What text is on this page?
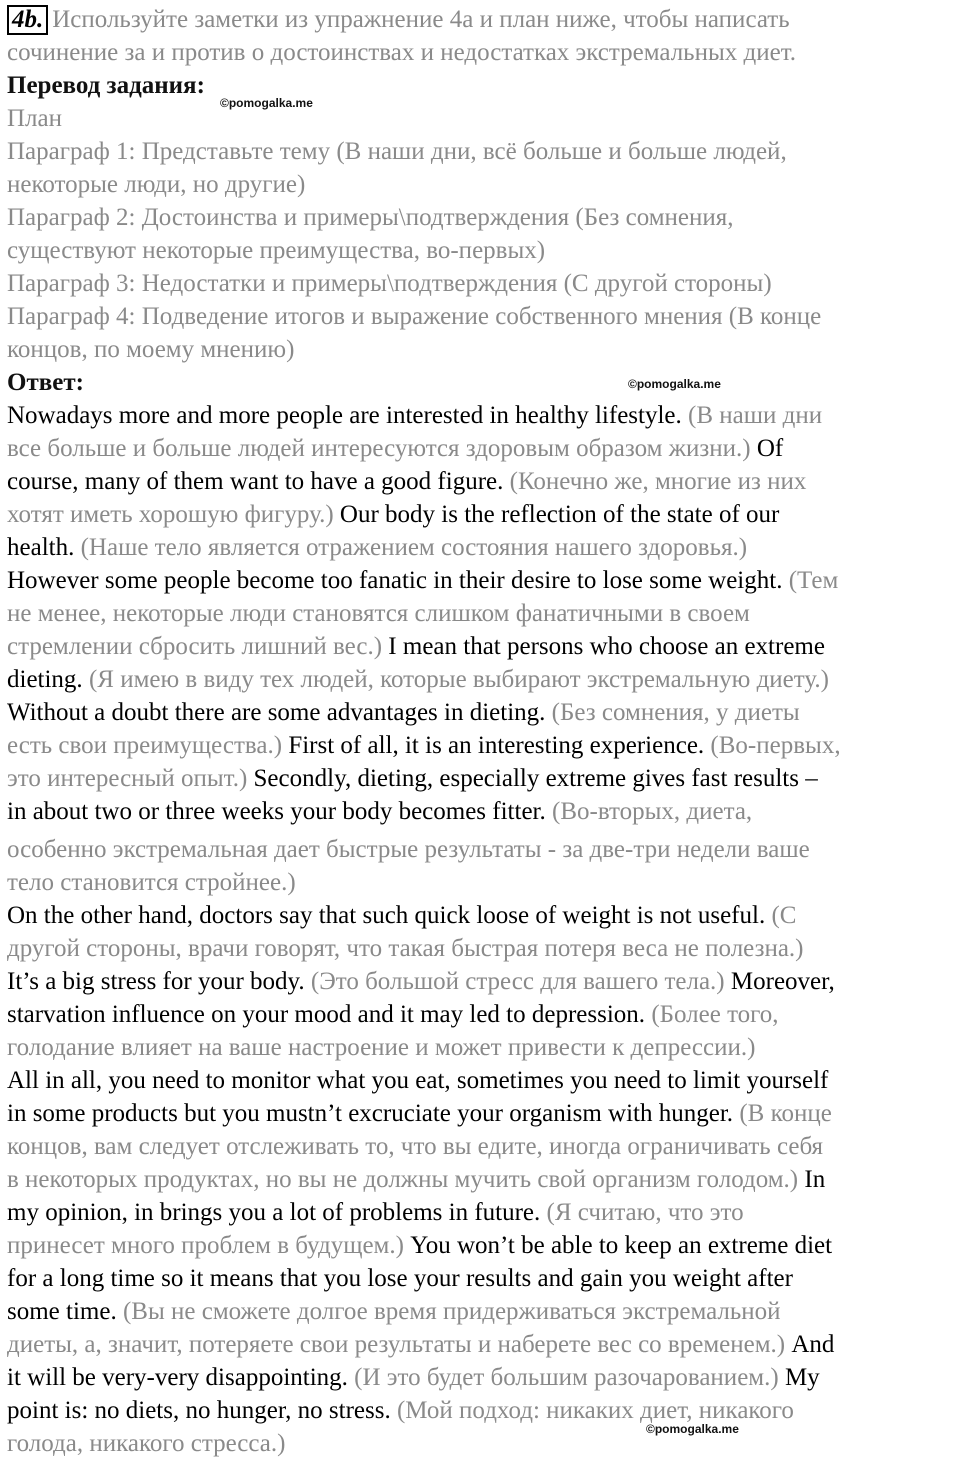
4b. Используйте заметки из упражнение 4a и план ниже, чтобы написать
сочинение за и против о достоинствах и недостатках экстремальных диет.
Перевод задания:
©pomogalka.me
План
Параграф 1: Представьте тему (В наши дни, всё больше и больше людей,
некоторые люди, но другие)
Параграф 2: Достоинства и примеры\подтверждения (Без сомнения,
существуют некоторые преимущества, во-первых)
Параграф 3: Недостатки и примеры\подтверждения (С другой стороны)
Параграф 4: Подведение итогов и выражение собственного мнения (В конце
концов, по моему мнению)
Ответ:	©pomogalka.me
Nowadays more and more people are interested in healthy lifestyle. (В наши дни
все больше и больше людей интересуются здоровым образом жизни.) Of
course, many of them want to have a good figure. (Конечно же, многие из них
хотят иметь хорошую фигуру.) Our body is the reflection of the state of our
health. (Наше тело является отражением состояния нашего здоровья.)
However some people become too fanatic in their desire to lose some weight. (Тем
не менее, некоторые люди становятся слишком фанатичными в своем
стремлении сбросить лишний вес.) I mean that persons who choose an extreme
dieting. (Я имею в виду тех людей, которые выбирают экстремальную диету.)
Without a doubt there are some advantages in dieting. (Без сомнения, у диеты
есть свои преимущества.) First of all, it is an interesting experience. (Во-первых,
это интересный опыт.) Secondly, dieting, especially extreme gives fast results –
in about two or three weeks your body becomes fitter. (Во-вторых, диета,
особенно экстремальная дает быстрые результаты - за две-три недели ваше
тело становится стройнее.)
On the other hand, doctors say that such quick loose of weight is not useful. (С
другой стороны, врачи говорят, что такая быстрая потеря веса не полезна.)
It’s a big stress for your body. (Это большой стресс для вашего тела.) Moreover,
starvation influence on your mood and it may led to depression. (Более того,
голодание влияет на ваше настроение и может привести к депрессии.)
All in all, you need to monitor what you eat, sometimes you need to limit yourself
in some products but you mustn’t excruciate your organism with hunger. (В конце
концов, вам следует отслеживать то, что вы едите, иногда ограничивать себя
в некоторых продуктах, но вы не должны мучить свой организм голодом.) In
my opinion, in brings you a lot of problems in future. (Я считаю, что это
принесет много проблем в будущем.) You won’t be able to keep an extreme diet
for a long time so it means that you lose your results and gain you weight after
some time. (Вы не сможете долгое время придерживаться экстремальной
диеты, а, значит, потеряете свои результаты и наберете вес со временем.) And
it will be very-very disappointing. (И это будет большим разочарованием.) My
point is: no diets, no hunger, no stress. (Мой подход: никаких диет, никакого
голода, никакого стресса.)
©pomogalka.me
